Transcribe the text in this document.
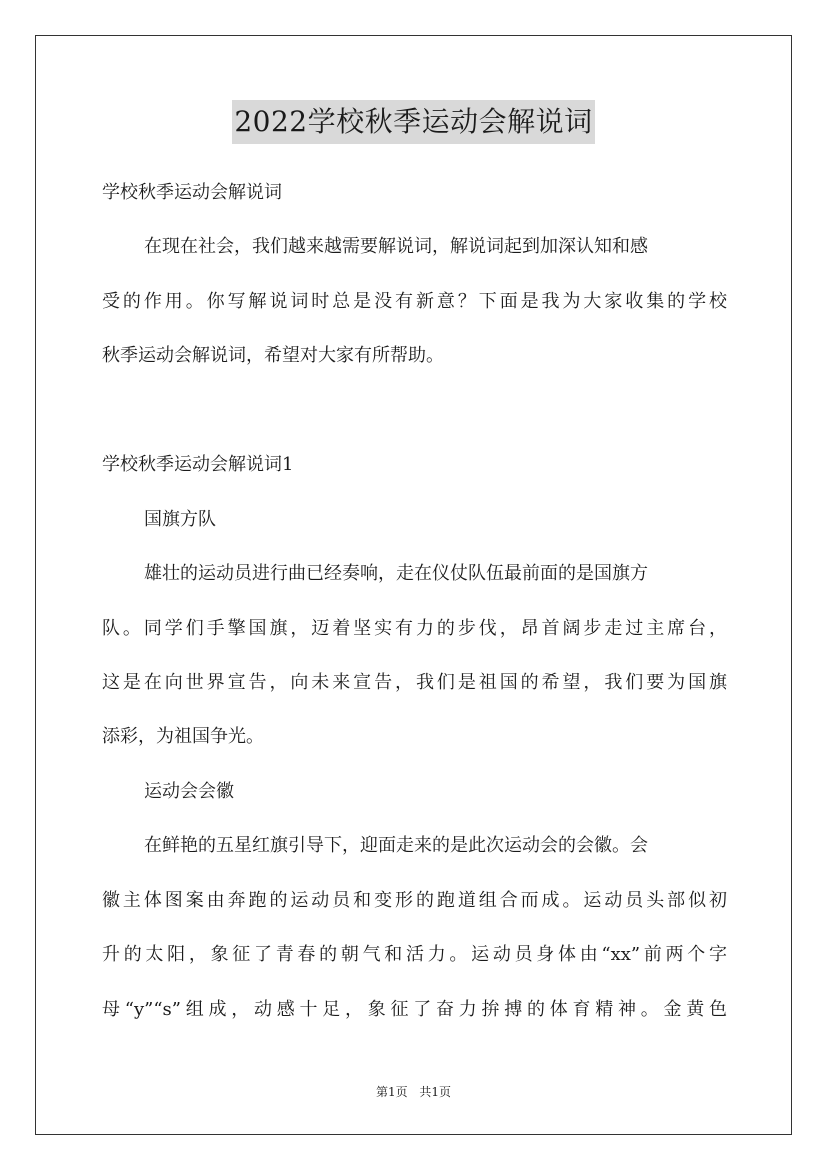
2022学校秋季运动会解说词
学校秋季运动会解说词
在现在社会，我们越来越需要解说词，解说词起到加深认知和感
受的作用。你写解说词时总是没有新意？下面是我为大家收集的学校
秋季运动会解说词，希望对大家有所帮助。
学校秋季运动会解说词1
国旗方队
雄壮的运动员进行曲已经奏响，走在仪仗队伍最前面的是国旗方
队。同学们手擎国旗，迈着坚实有力的步伐，昂首阔步走过主席台，
这是在向世界宣告，向未来宣告，我们是祖国的希望，我们要为国旗
添彩，为祖国争光。
运动会会徽
在鲜艳的五星红旗引导下，迎面走来的是此次运动会的会徽。会
徽主体图案由奔跑的运动员和变形的跑道组合而成。运动员头部似初
升的太阳，象征了青春的朝气和活力。运动员身体由“xx”前两个字
母“y”“s”组成，动感十足，象征了奋力拚搏的体育精神。金黄色
第1页 共1页
